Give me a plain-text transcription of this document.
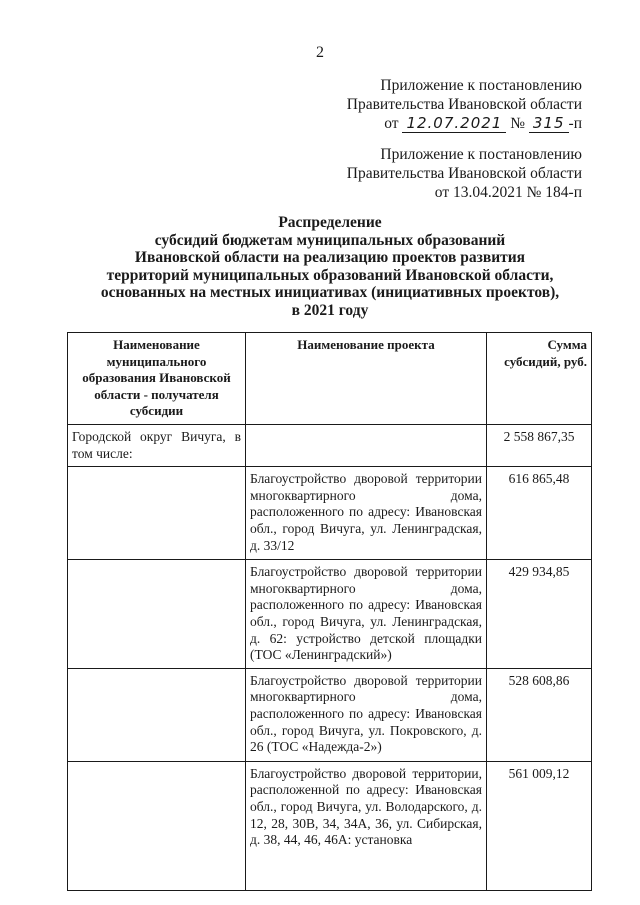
2
Приложение к постановлению
Правительства Ивановской области
от 12.07.2021 № 315 -п
Приложение к постановлению
Правительства Ивановской области
от 13.04.2021 № 184-п
Распределение
субсидий бюджетам муниципальных образований
Ивановской области на реализацию проектов развития
территорий муниципальных образований Ивановской области,
основанных на местных инициативах (инициативных проектов),
в 2021 году
Наименование муниципального образования Ивановской области - получателя субсидии	Наименование проекта	Сумма субсидий, руб.
Городской округ Вичуга, в том числе:		2 558 867,35
	Благоустройство дворовой территории многоквартирного дома, расположенного по адресу: Ивановская обл., город Вичуга, ул. Ленинградская, д. 33/12	616 865,48
	Благоустройство дворовой территории многоквартирного дома, расположенного по адресу: Ивановская обл., город Вичуга, ул. Ленинградская, д. 62: устройство детской площадки (ТОС «Ленинградский»)	429 934,85
	Благоустройство дворовой территории многоквартирного дома, расположенного по адресу: Ивановская обл., город Вичуга, ул. Покровского, д. 26 (ТОС «Надежда-2»)	528 608,86
	Благоустройство дворовой территории, расположенной по адресу: Ивановская обл., город Вичуга, ул. Володарского, д. 12, 28, 30В, 34, 34А, 36, ул. Сибирская, д. 38, 44, 46, 46А: установка	561 009,12
